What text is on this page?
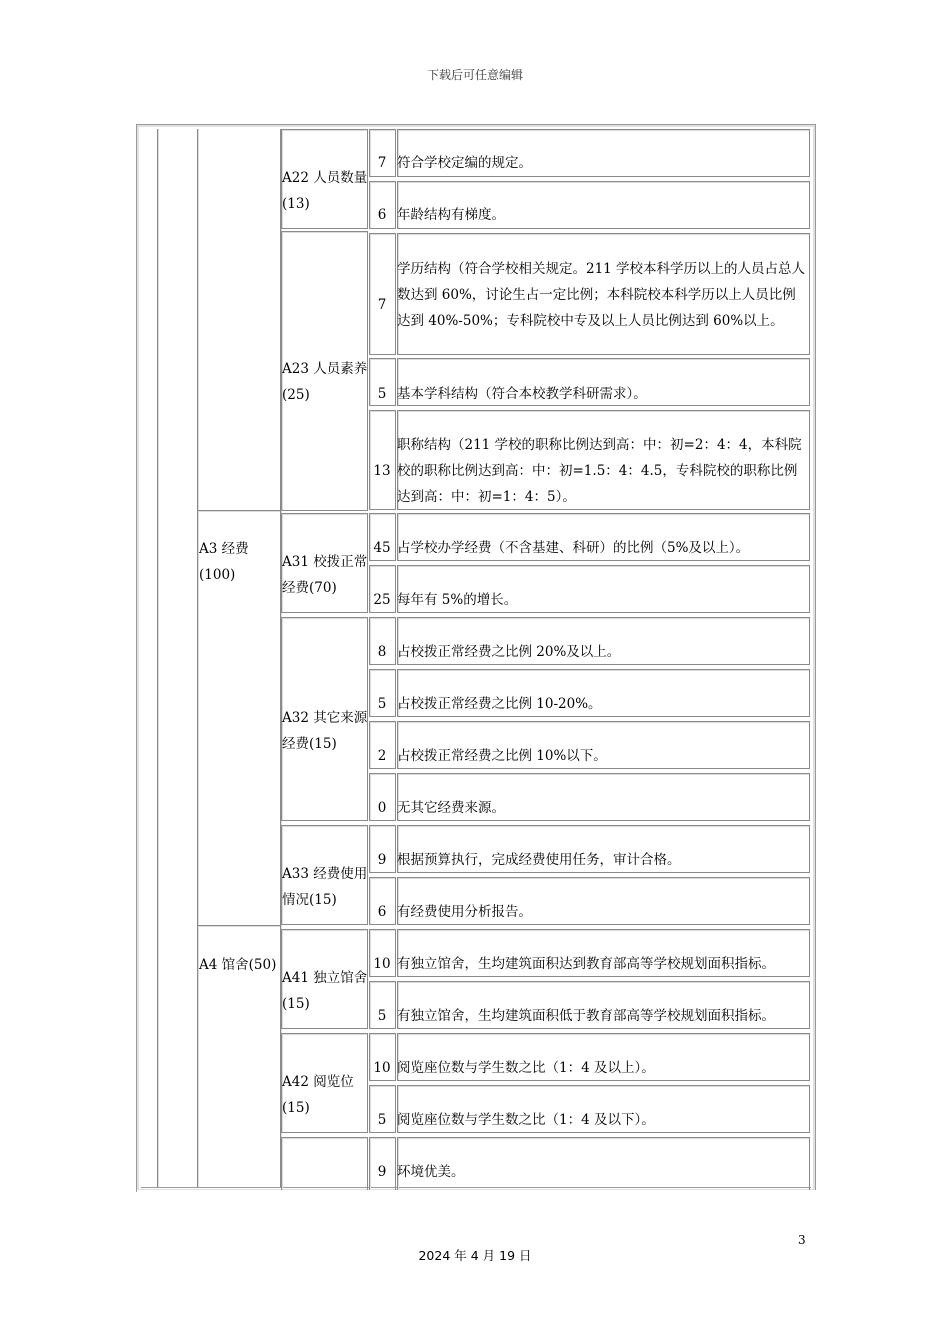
下载后可任意编辑
A3 经费(100)
A4 馆舍(50)
A22 人员数量(13)
A23 人员素养(25)
A31 校拨正常经费(70)
A32 其它来源经费(15)
A33 经费使用情况(15)
A41 独立馆舍(15)
A42 阅览位(15)
7
6
7
5
13
45
25
8
5
2
0
9
6
10
5
10
5
9
符合学校定编的规定。
年龄结构有梯度。
学历结构（符合学校相关规定。211 学校本科学历以上的人员占总人数达到 60%，讨论生占一定比例；本科院校本科学历以上人员比例达到 40%-50%；专科院校中专及以上人员比例达到 60%以上。
基本学科结构（符合本校教学科研需求）。
职称结构（211 学校的职称比例达到高：中：初=2：4：4，本科院校的职称比例达到高：中：初=1.5：4：4.5，专科院校的职称比例达到高：中：初=1：4：5）。
占学校办学经费（不含基建、科研）的比例（5%及以上）。
每年有 5%的增长。
占校拨正常经费之比例 20%及以上。
占校拨正常经费之比例 10-20%。
占校拨正常经费之比例 10%以下。
无其它经费来源。
根据预算执行，完成经费使用任务，审计合格。
有经费使用分析报告。
有独立馆舍，生均建筑面积达到教育部高等学校规划面积指标。
有独立馆舍，生均建筑面积低于教育部高等学校规划面积指标。
阅览座位数与学生数之比（1：4 及以上）。
阅览座位数与学生数之比（1：4 及以下）。
环境优美。
3
2024 年 4 月 19 日
